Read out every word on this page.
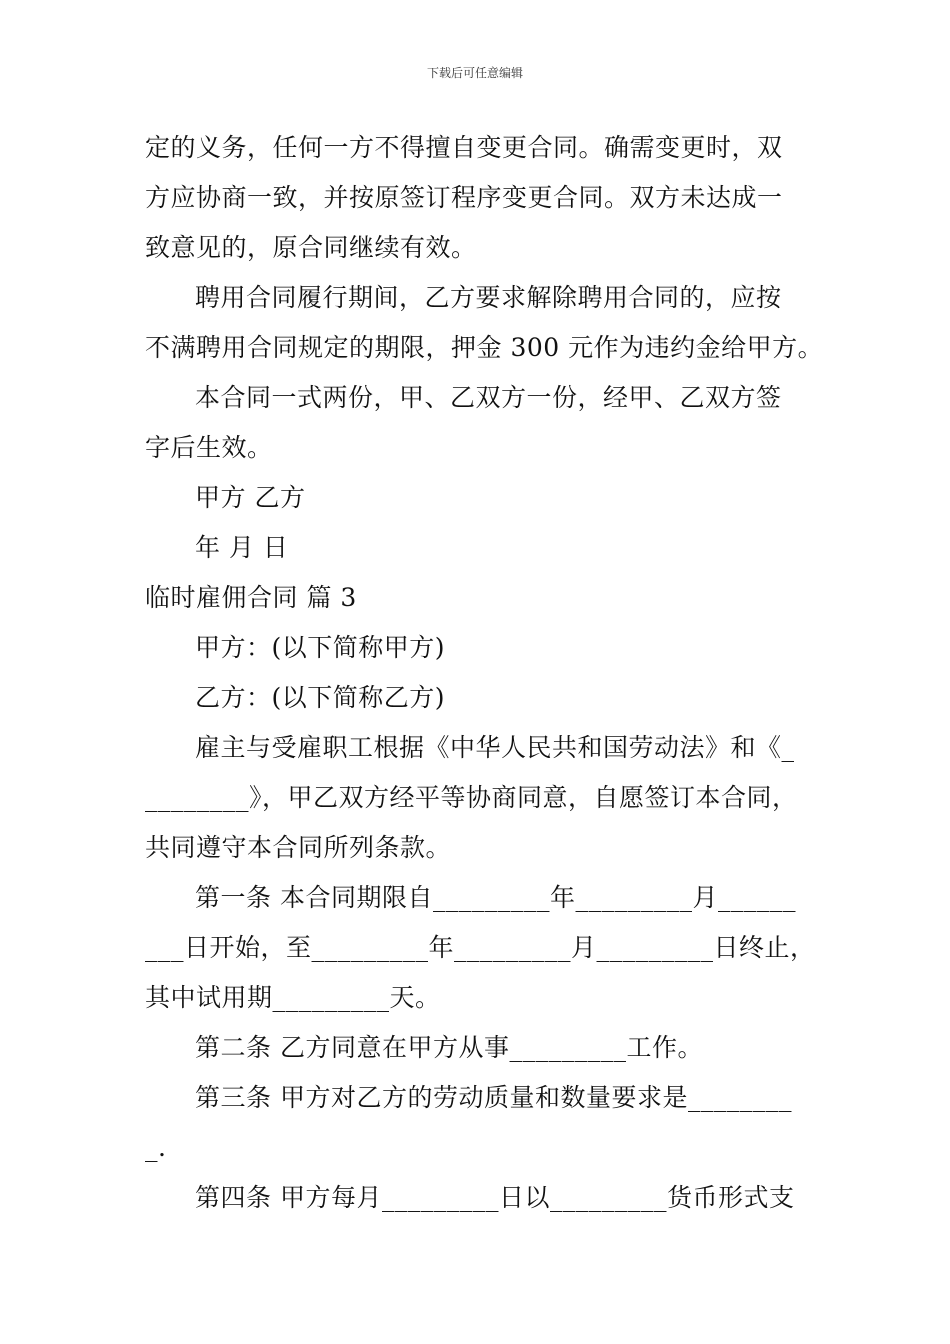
下载后可任意编辑
定的义务，任何一方不得擅自变更合同。确需变更时，双
方应协商一致，并按原签订程序变更合同。双方未达成一
致意见的，原合同继续有效。
聘用合同履行期间，乙方要求解除聘用合同的，应按
不满聘用合同规定的期限，押金 300 元作为违约金给甲方。
本合同一式两份，甲、乙双方一份，经甲、乙双方签
字后生效。
甲方 乙方
年 月 日
临时雇佣合同 篇 3
甲方：(以下简称甲方)
乙方：(以下简称乙方)
雇主与受雇职工根据《中华人民共和国劳动法》和《_
________》，甲乙双方经平等协商同意，自愿签订本合同，
共同遵守本合同所列条款。
第一条 本合同期限自_________年_________月______
___日开始，至_________年_________月_________日终止，
其中试用期_________天。
第二条 乙方同意在甲方从事_________工作。
第三条 甲方对乙方的劳动质量和数量要求是________
_.
第四条 甲方每月_________日以_________货币形式支
